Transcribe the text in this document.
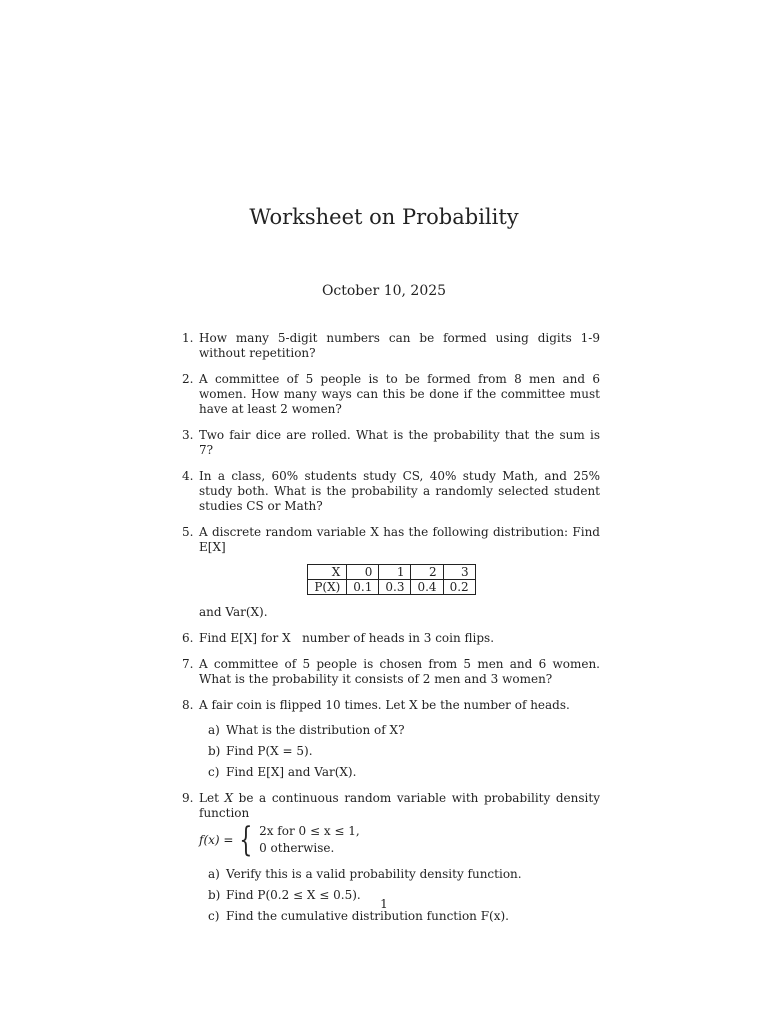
Worksheet on Probability
October 10, 2025
1. How many 5-digit numbers can be formed using digits 1-9 without repetition?
2. A committee of 5 people is to be formed from 8 men and 6 women. How many ways can this be done if the committee must have at least 2 women?
3. Two fair dice are rolled. What is the probability that the sum is 7?
4. In a class, 60% students study CS, 40% study Math, and 25% study both. What is the probability a randomly selected student studies CS or Math?
5. A discrete random variable X has the following distribution: Find E[X]
X	0	1	2	3
P(X)	0.1	0.3	0.4	0.2
and Var(X).
6. Find E[X] for X   number of heads in 3 coin flips.
7. A committee of 5 people is chosen from 5 men and 6 women. What is the probability it consists of 2 men and 3 women?
8. A fair coin is flipped 10 times. Let X be the number of heads.
a) What is the distribution of X?
b) Find P(X = 5).
c) Find E[X] and Var(X).
9. Let X be a continuous random variable with probability density function
f(x) = { 2x for 0 ≤ x ≤ 1,
0 otherwise.
a) Verify this is a valid probability density function.
b) Find P(0.2 ≤ X ≤ 0.5).
c) Find the cumulative distribution function F(x).
1
